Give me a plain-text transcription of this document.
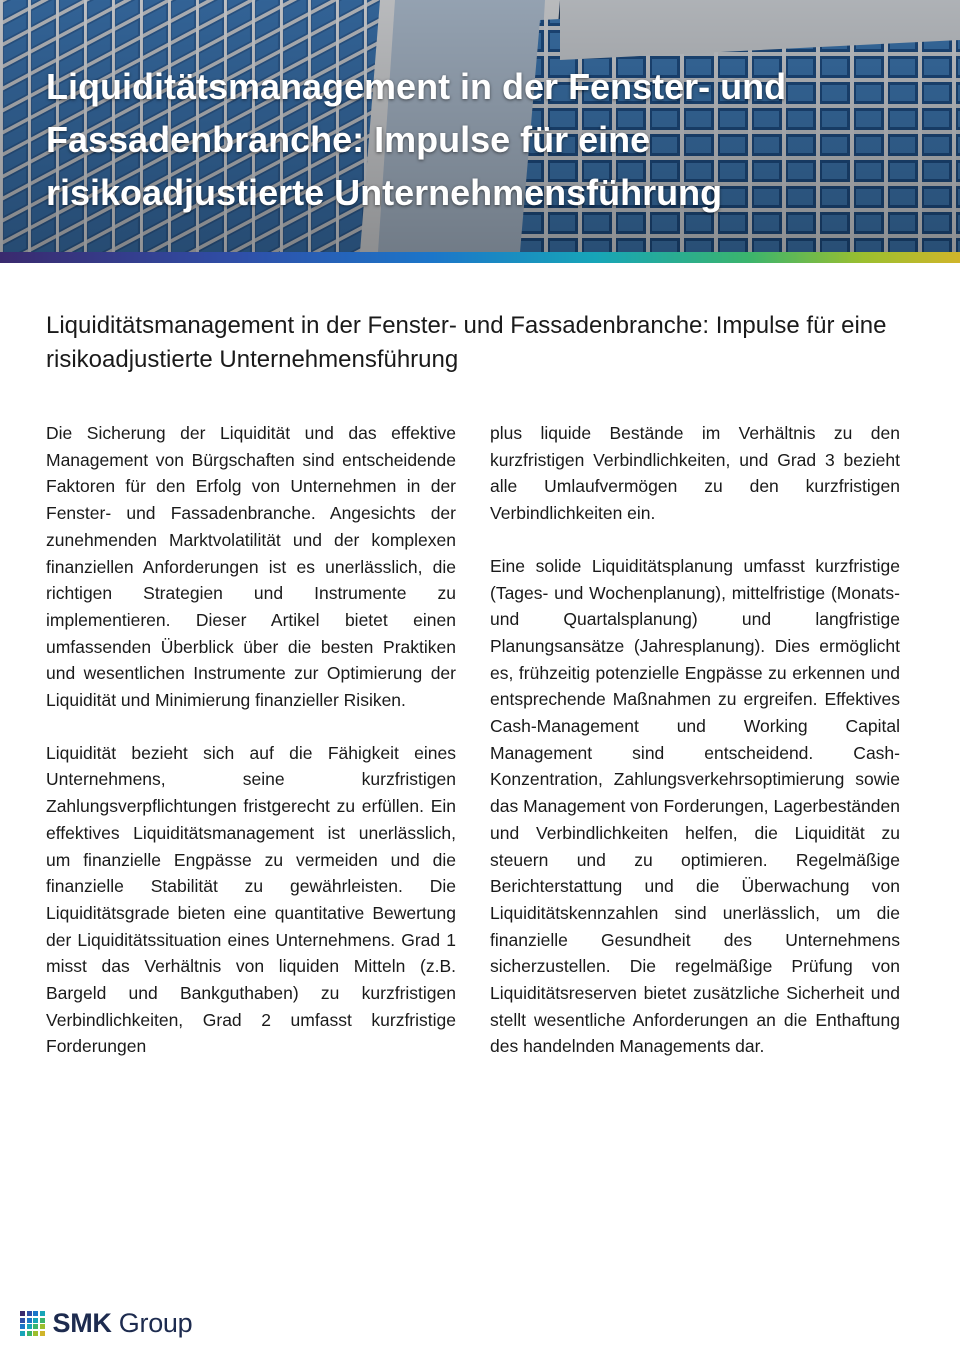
Liquiditätsmanagement in der Fenster- und Fassadenbranche: Impulse für eine risikoadjustierte Unternehmensführung
Liquiditätsmanagement in der Fenster- und Fassadenbranche: Impulse für eine risikoadjustierte Unternehmensführung

Die Sicherung der Liquidität und das effektive Management von Bürgschaften sind entscheidende Faktoren für den Erfolg von Unternehmen in der Fenster- und Fassadenbranche. Angesichts der zunehmenden Marktvolatilität und der komplexen finanziellen Anforderungen ist es unerlässlich, die richtigen Strategien und Instrumente zu implementieren. Dieser Artikel bietet einen umfassenden Überblick über die besten Praktiken und wesentlichen Instrumente zur Optimierung der Liquidität und Minimierung finanzieller Risiken.

Liquidität bezieht sich auf die Fähigkeit eines Unternehmens, seine kurzfristigen Zahlungsverpflichtungen fristgerecht zu erfüllen. Ein effektives Liquiditätsmanagement ist unerlässlich, um finanzielle Engpässe zu vermeiden und die finanzielle Stabilität zu gewährleisten. Die Liquiditätsgrade bieten eine quantitative Bewertung der Liquiditätssituation eines Unternehmens. Grad 1 misst das Verhältnis von liquiden Mitteln (z.B. Bargeld und Bankguthaben) zu kurzfristigen Verbindlichkeiten, Grad 2 umfasst kurzfristige Forderungen

plus liquide Bestände im Verhältnis zu den kurzfristigen Verbindlichkeiten, und Grad 3 bezieht alle Umlaufvermögen zu den kurzfristigen Verbindlichkeiten ein.

Eine solide Liquiditätsplanung umfasst kurzfristige (Tages- und Wochenplanung), mittelfristige (Monats- und Quartalsplanung) und langfristige Planungsansätze (Jahresplanung). Dies ermöglicht es, frühzeitig potenzielle Engpässe zu erkennen und entsprechende Maßnahmen zu ergreifen. Effektives Cash-Management und Working Capital Management sind entscheidend. Cash-Konzentration, Zahlungsverkehrsoptimierung sowie das Management von Forderungen, Lagerbeständen und Verbindlichkeiten helfen, die Liquidität zu steuern und zu optimieren. Regelmäßige Berichterstattung und die Überwachung von Liquiditätskennzahlen sind unerlässlich, um die finanzielle Gesundheit des Unternehmens sicherzustellen. Die regelmäßige Prüfung von Liquiditätsreserven bietet zusätzliche Sicherheit und stellt wesentliche Anforderungen an die Enthaftung des handelnden Managements dar.

SMK Group
